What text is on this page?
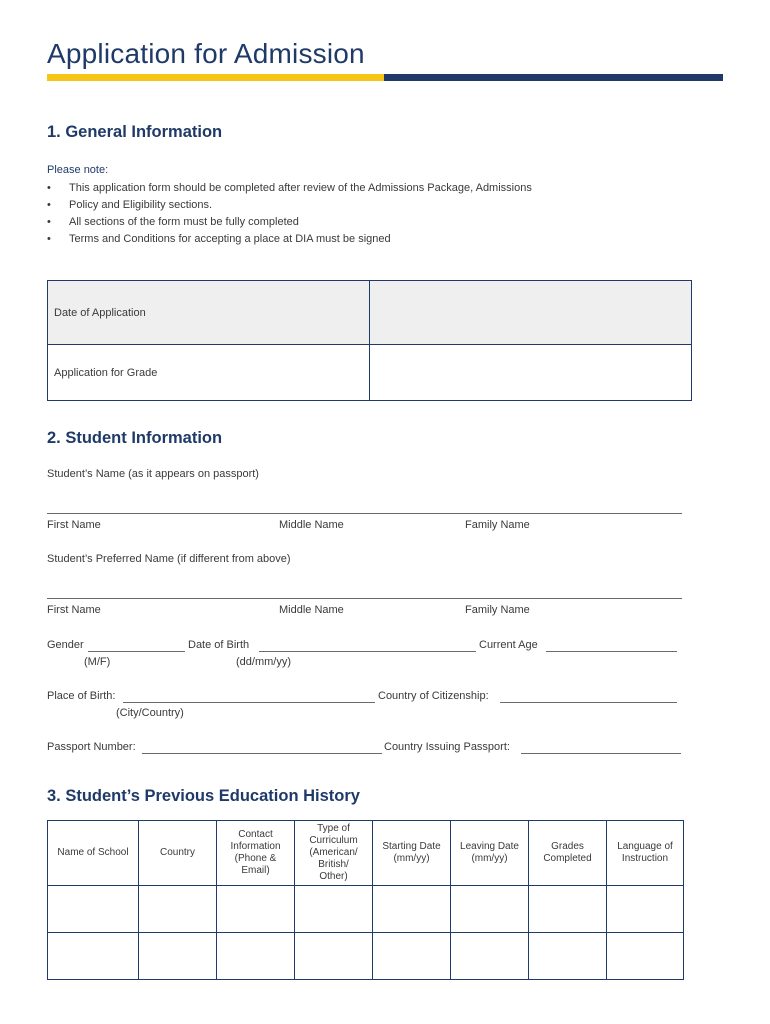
Application for Admission
1. General Information
Please note:
• This application form should be completed after review of the Admissions Package, Admissions
• Policy and Eligibility sections.
• All sections of the form must be fully completed
• Terms and Conditions for accepting a place at DIA must be signed
Date of Application	
Application for Grade	
2. Student Information
Student’s Name (as it appears on passport)
First Name	Middle Name	Family Name
Student’s Preferred Name (if different from above)
First Name	Middle Name	Family Name
Gender	Date of Birth	Current Age
(M/F)	(dd/mm/yy)
Place of Birth:	Country of Citizenship:
(City/Country)
Passport Number:	Country Issuing Passport:
3. Student’s Previous Education History
Name of School	Country	Contact
Information
(Phone &
Email)	Type of
Curriculum
(American/
British/
Other)	Starting Date
(mm/yy)	Leaving Date
(mm/yy)	Grades
Completed	Language of
Instruction
